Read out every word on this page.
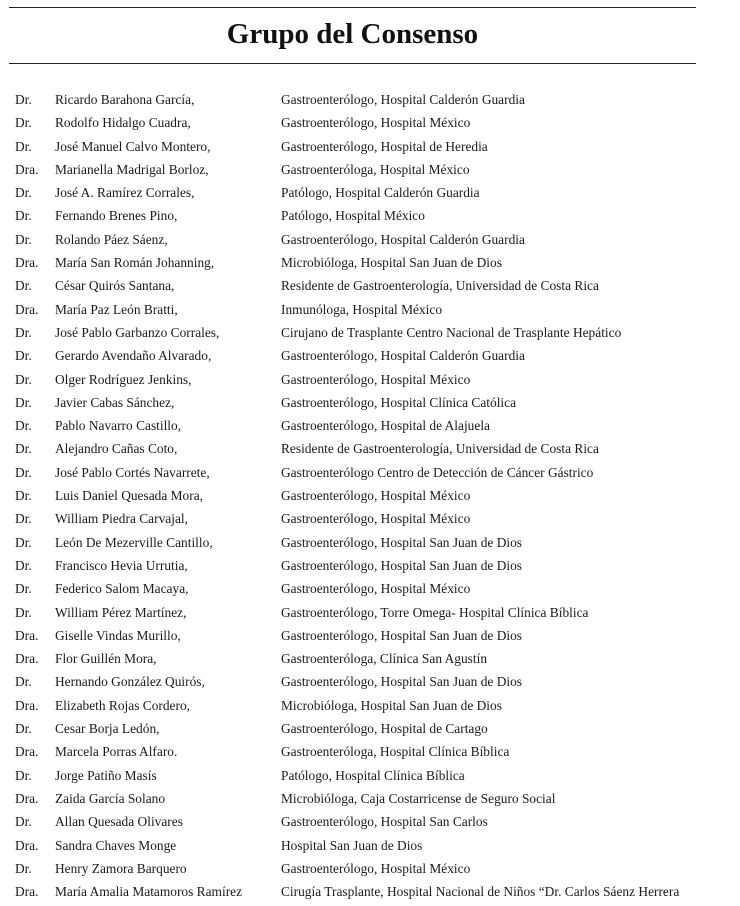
Grupo del Consenso
Dr. Ricardo Barahona García,	Gastroenterólogo, Hospital Calderón Guardia
Dr. Rodolfo Hidalgo Cuadra,	Gastroenterólogo, Hospital México
Dr. José Manuel Calvo Montero,	Gastroenterólogo, Hospital de Heredia
Dra. Marianella Madrigal Borloz,	Gastroenteróloga, Hospital México
Dr. José A. Ramírez Corrales,	Patólogo, Hospital Calderón Guardia
Dr. Fernando Brenes Pino,	Patólogo, Hospital México
Dr. Rolando Páez Sáenz,	Gastroenterólogo, Hospital Calderón Guardia
Dra. María San Román Johanning,	Microbióloga, Hospital San Juan de Dios
Dr. César Quirós Santana,	Residente de Gastroenterología, Universidad de Costa Rica
Dra. María Paz León Bratti,	Inmunóloga, Hospital México
Dr. José Pablo Garbanzo Corrales,	Cirujano de Trasplante Centro Nacional de Trasplante Hepático
Dr. Gerardo Avendaño Alvarado,	Gastroenterólogo, Hospital Calderón Guardia
Dr. Olger Rodríguez Jenkins,	Gastroenterólogo, Hospital México
Dr. Javier Cabas Sánchez,	Gastroenterólogo, Hospital Clínica Católica
Dr. Pablo Navarro Castillo,	Gastroenterólogo, Hospital de Alajuela
Dr. Alejandro Cañas Coto,	Residente de Gastroenterología, Universidad de Costa Rica
Dr. José Pablo Cortés Navarrete,	Gastroenterólogo Centro de Detección de Cáncer Gástrico
Dr. Luis Daniel Quesada Mora,	Gastroenterólogo, Hospital México
Dr. William Piedra Carvajal,	Gastroenterólogo, Hospital México
Dr. León De Mezerville Cantillo,	Gastroenterólogo, Hospital San Juan de Dios
Dr. Francisco Hevia Urrutia,	Gastroenterólogo, Hospital San Juan de Dios
Dr. Federico Salom Macaya,	Gastroenterólogo, Hospital México
Dr. William Pérez Martínez,	Gastroenterólogo, Torre Omega- Hospital Clínica Bíblica
Dra. Giselle Vindas Murillo,	Gastroenterólogo, Hospital San Juan de Dios
Dra. Flor Guillén Mora,	Gastroenteróloga, Clínica San Agustín
Dr. Hernando González Quirós,	Gastroenterólogo, Hospital San Juan de Dios
Dra. Elizabeth Rojas Cordero,	Microbióloga, Hospital San Juan de Dios
Dr. Cesar Borja Ledón,	Gastroenterólogo, Hospital de Cartago
Dra. Marcela Porras Alfaro.	Gastroenteróloga, Hospital Clínica Bíblica
Dr. Jorge Patiño Masís	Patólogo, Hospital Clínica Bíblica
Dra. Zaida García Solano	Microbióloga, Caja Costarricense de Seguro Social
Dr. Allan Quesada Olivares	Gastroenterólogo, Hospital San Carlos
Dra. Sandra Chaves Monge	Hospital San Juan de Dios
Dr. Henry Zamora Barquero	Gastroenterólogo, Hospital México
Dra. María Amalia Matamoros Ramírez	Cirugía Trasplante, Hospital Nacional de Niños “Dr. Carlos Sáenz Herrera
